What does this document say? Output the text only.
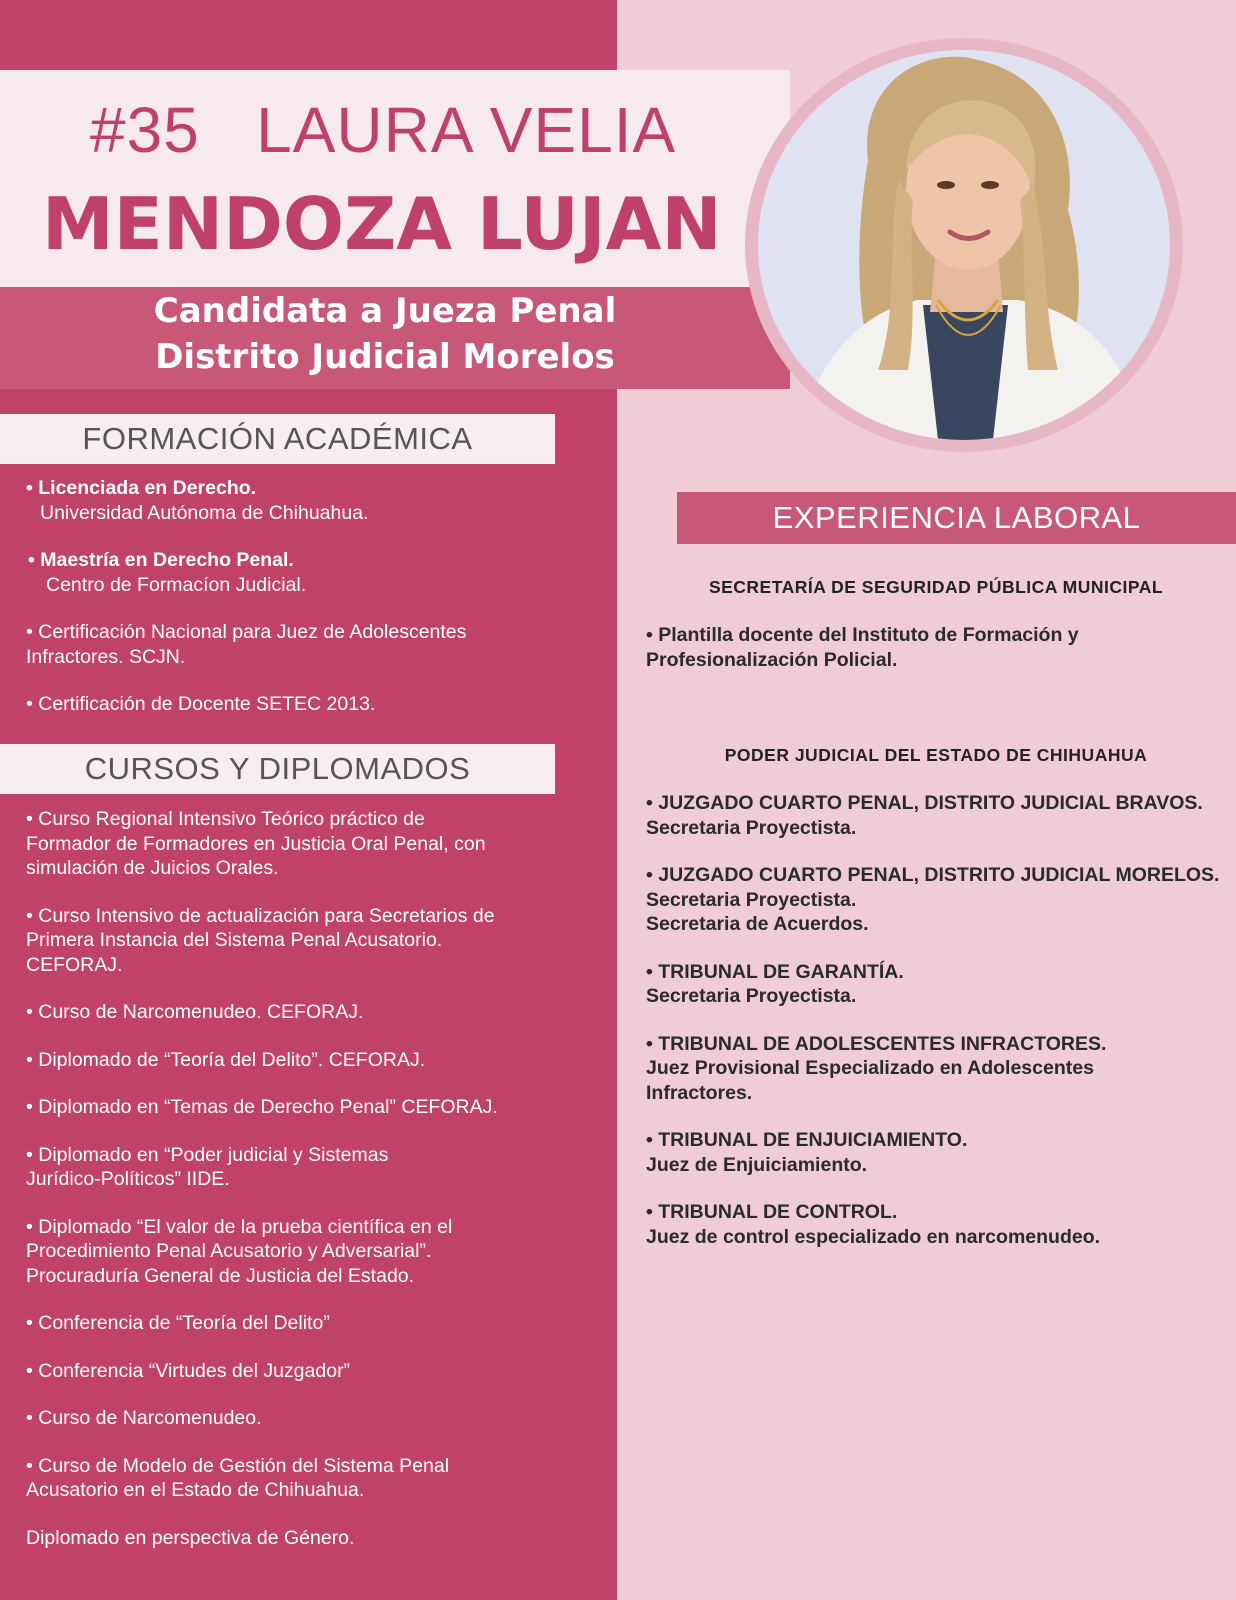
#35 LAURA VELIA
MENDOZA LUJAN
Candidata a Jueza Penal
Distrito Judicial Morelos
FORMACIÓN ACADÉMICA
• Licenciada en Derecho.
Universidad Autónoma de Chihuahua.
• Maestría en Derecho Penal.
Centro de Formacíon Judicial.
• Certificación Nacional para Juez de Adolescentes
Infractores. SCJN.
• Certificación de Docente SETEC 2013.
CURSOS Y DIPLOMADOS
• Curso Regional Intensivo Teórico práctico de
Formador de Formadores en Justicia Oral Penal, con
simulación de Juicios Orales.
• Curso Intensivo de actualización para Secretarios de
Primera Instancia del Sistema Penal Acusatorio.
CEFORAJ.
• Curso de Narcomenudeo. CEFORAJ.
• Diplomado de “Teoría del Delito”. CEFORAJ.
• Diplomado en “Temas de Derecho Penal” CEFORAJ.
• Diplomado en “Poder judicial y Sistemas
Jurídico-Políticos” IIDE.
• Diplomado “El valor de la prueba científica en el
Procedimiento Penal Acusatorio y Adversarial”.
Procuraduría General de Justicia del Estado.
• Conferencia de “Teoría del Delito”
• Conferencia “Virtudes del Juzgador”
• Curso de Narcomenudeo.
• Curso de Modelo de Gestión del Sistema Penal
Acusatorio en el Estado de Chihuahua.
Diplomado en perspectiva de Género.
EXPERIENCIA LABORAL
SECRETARÍA DE SEGURIDAD PÚBLICA MUNICIPAL
• Plantilla docente del Instituto de Formación y
Profesionalización Policial.
PODER JUDICIAL DEL ESTADO DE CHIHUAHUA
• JUZGADO CUARTO PENAL, DISTRITO JUDICIAL BRAVOS.
Secretaria Proyectista.
• JUZGADO CUARTO PENAL, DISTRITO JUDICIAL MORELOS.
Secretaria Proyectista.
Secretaria de Acuerdos.
• TRIBUNAL DE GARANTÍA.
Secretaria Proyectista.
• TRIBUNAL DE ADOLESCENTES INFRACTORES.
Juez Provisional Especializado en Adolescentes
Infractores.
• TRIBUNAL DE ENJUICIAMIENTO.
Juez de Enjuiciamiento.
• TRIBUNAL DE CONTROL.
Juez de control especializado en narcomenudeo.
